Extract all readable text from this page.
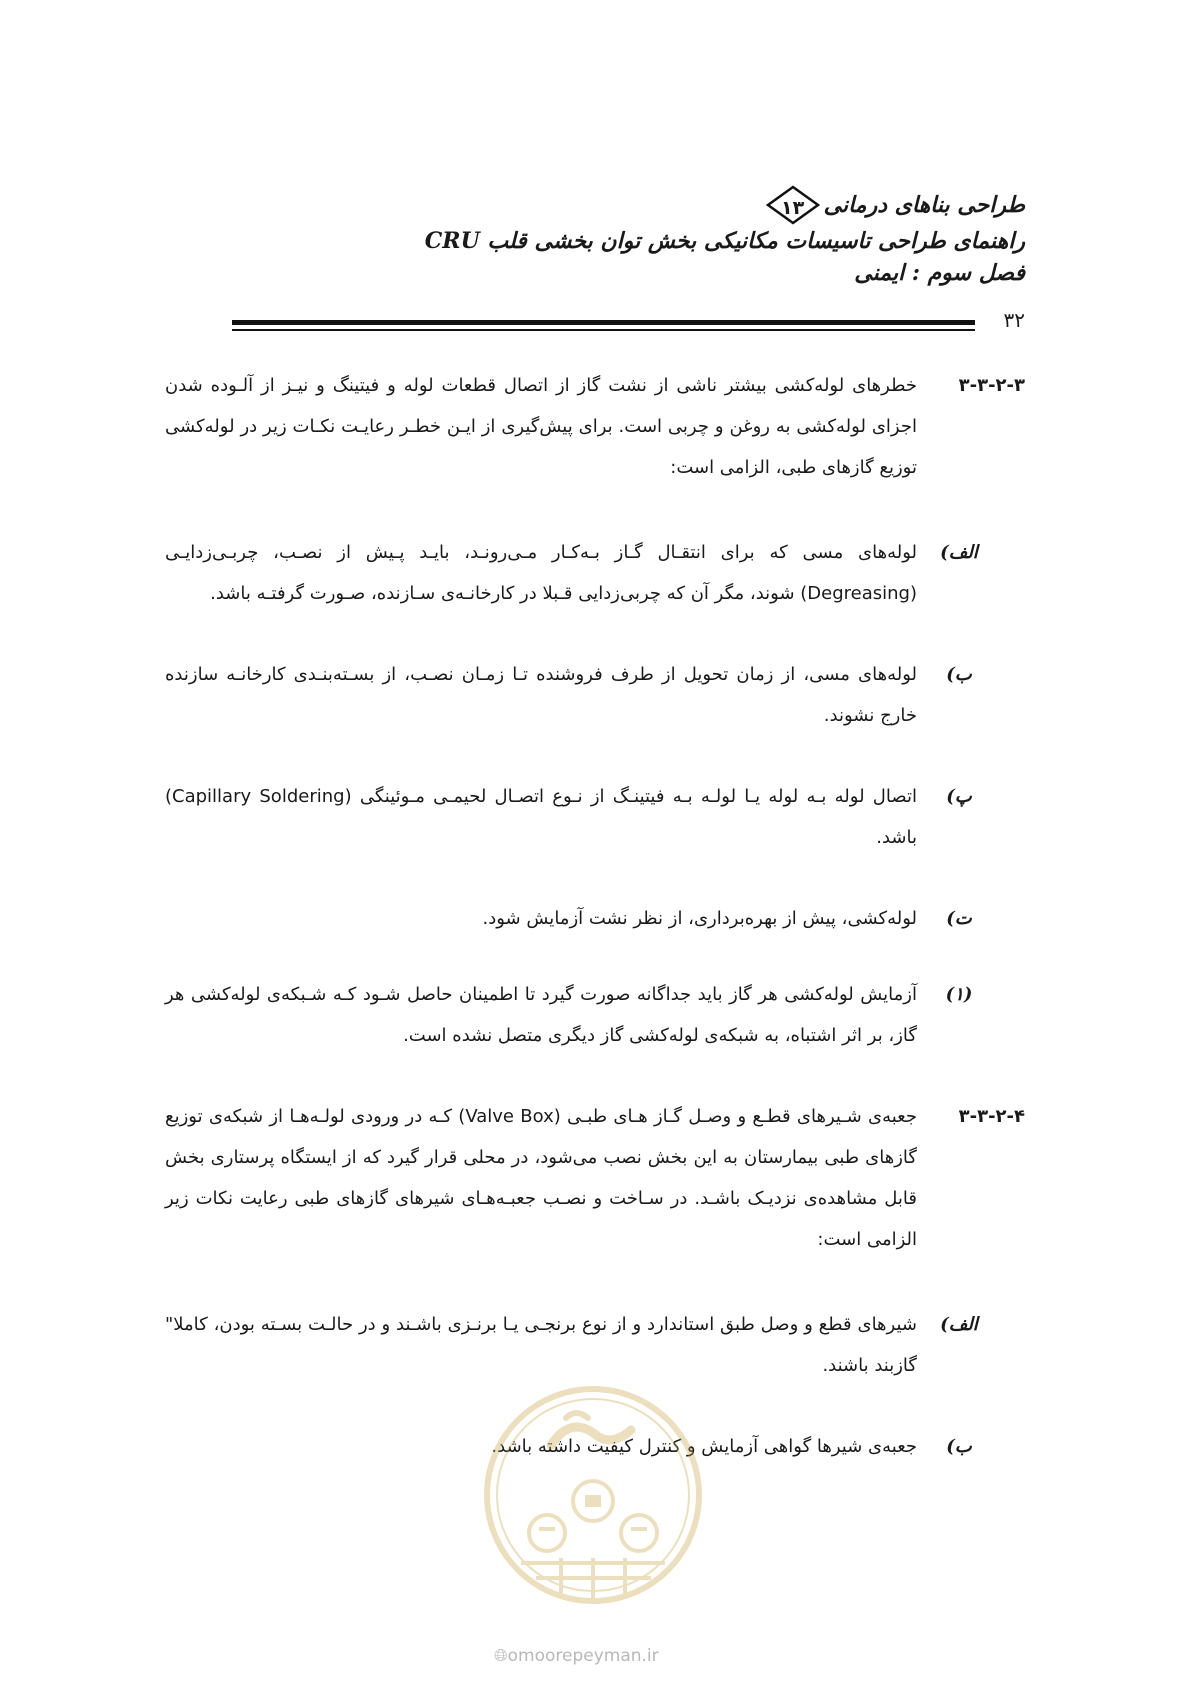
طراحی بناهای درمانی
۱۳
راهنمای طراحی تاسیسات مکانیکی بخش توان بخشی قلب CRU
فصل سوم : ایمنی
۳۲
۳-۳-۲-۳
خطرهای لوله‌کشی بیشتر ناشی از نشت گاز از اتصال قطعات لوله و فیتینگ و نیـز از آلـوده شدن اجزای لوله‌کشی به روغن و چربی است. برای پیش‌گیری از ایـن خطـر رعایـت نکـات زیر در لوله‌کشی توزیع گازهای طبی، الزامی است:
الف)
لوله‌های مسی که برای انتقـال گـاز بـه‌کـار مـی‌رونـد، بایـد پـیش از نصـب، چربـی‌زدایـی (Degreasing) شوند، مگر آن که چربی‌زدایی قـبلا در کارخانـه‌ی سـازنده، صـورت گرفتـه باشد.
ب)
لوله‌های مسی، از زمان تحویل از طرف فروشنده تـا زمـان نصـب، از بسـته‌بنـدی کارخانـه سازنده خارج نشوند.
پ)
اتصال لوله بـه لوله یـا لولـه بـه فیتینـگ از نـوع اتصـال لحیمـی مـوئینگی (Capillary Soldering) باشد.
ت)
لوله‌کشی، پیش از بهره‌برداری، از نظر نشت آزمایش شود.
(۱)
آزمایش لوله‌کشی هر گاز باید جداگانه صورت گیرد تا اطمینان حاصل شـود کـه شـبکه‌ی لوله‌کشی هر گاز، بر اثر اشتباه، به شبکه‌ی لوله‌کشی گاز دیگری متصل نشده است.
۳-۳-۲-۴
جعبه‌ی شـیرهای قطـع و وصـل گـاز هـای طبـی (Valve Box) کـه در ورودی لولـه‌هـا از شبکه‌ی توزیع گازهای طبی بیمارستان به این بخش نصب می‌شود، در محلی قرار گیرد که از ایستگاه پرستاری بخش قابل مشاهده‌ی نزدیـک باشـد. در سـاخت و نصـب جعبـه‌هـای شیرهای گازهای طبی رعایت نکات زیر الزامی است:
الف)
شیرهای قطع و وصل طبق استاندارد و از نوع برنجـی یـا برنـزی باشـند و در حالـت بسـته بودن، کاملا" گازبند باشند.
ب)
جعبه‌ی شیرها گواهی آزمایش و کنترل کیفیت داشته باشد.
🌐︎omoorepeyman.ir
